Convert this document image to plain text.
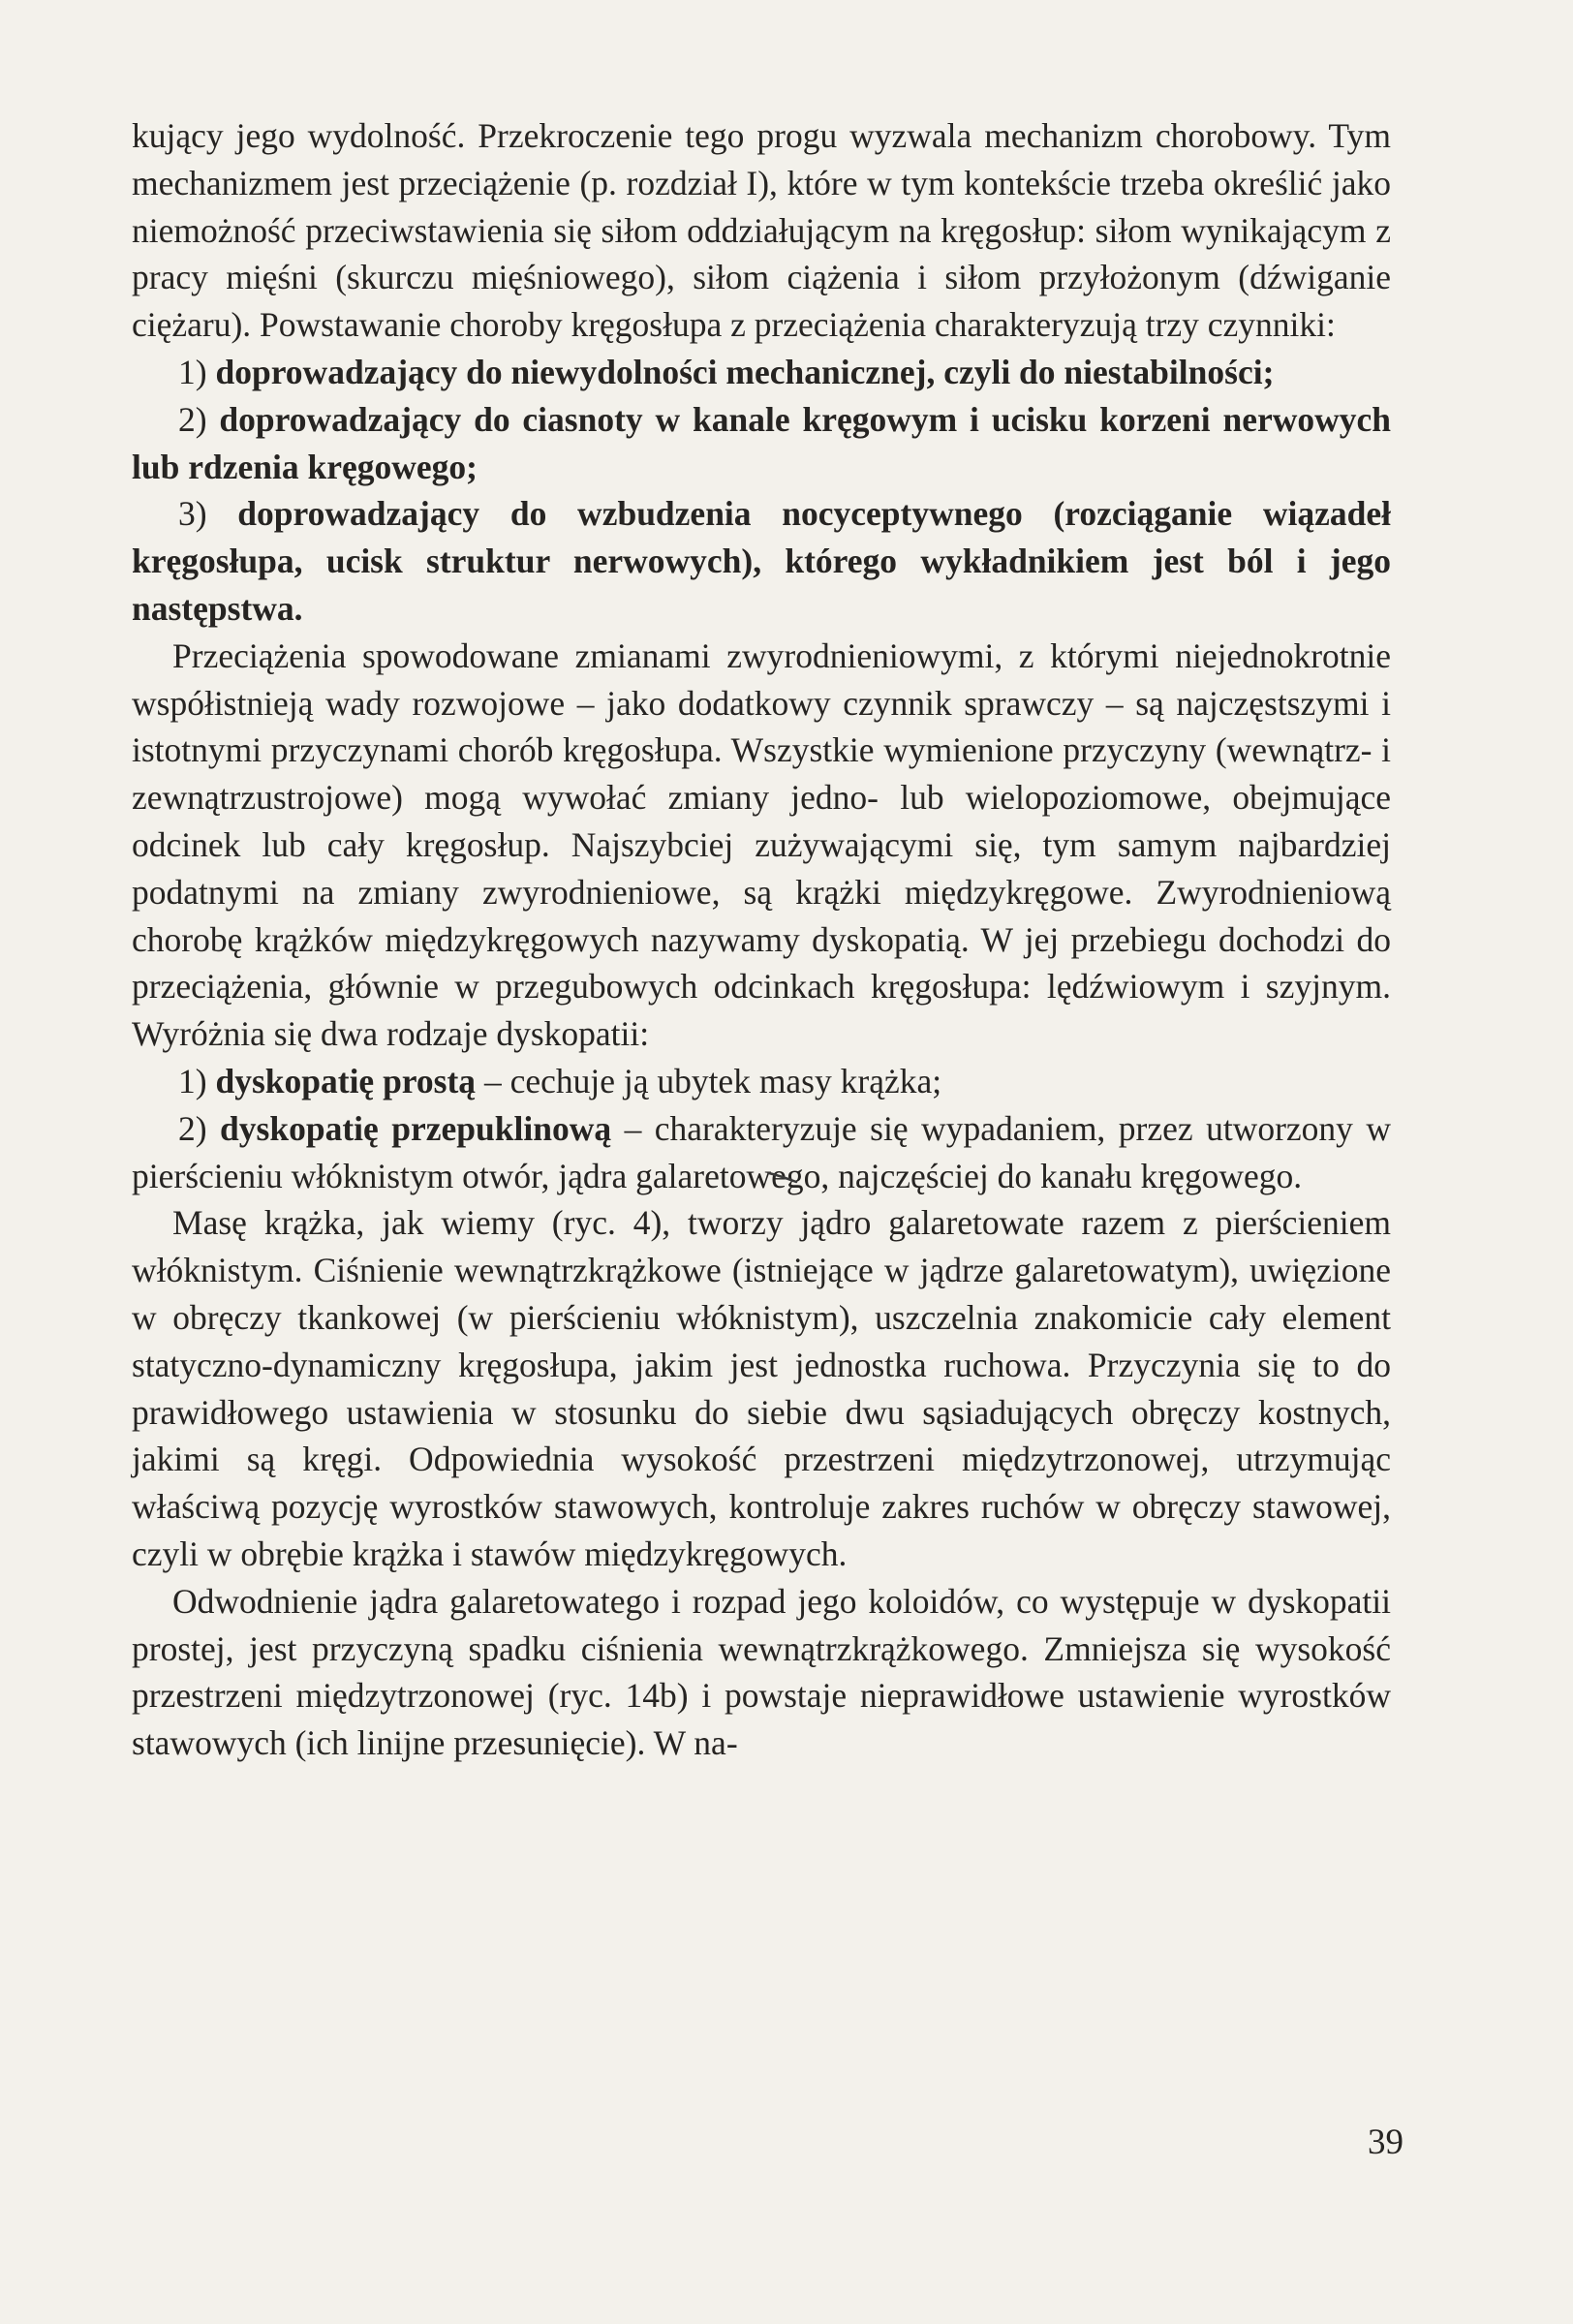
kujący jego wydolność. Przekroczenie tego progu wyzwala mechanizm chorobowy. Tym mechanizmem jest przeciążenie (p. rozdział I), które w tym kontekście trzeba określić jako niemożność przeciwstawienia się siłom oddziałującym na kręgosłup: siłom wynikającym z pracy mięśni (skurczu mięśniowego), siłom ciążenia i siłom przyłożonym (dźwiganie ciężaru). Powstawanie choroby kręgosłupa z przeciążenia charakteryzują trzy czynniki:

1) doprowadzający do niewydolności mechanicznej, czyli do niestabilności;

2) doprowadzający do ciasnoty w kanale kręgowym i ucisku korzeni nerwowych lub rdzenia kręgowego;

3) doprowadzający do wzbudzenia nocyceptywnego (rozciąganie wiązadeł kręgosłupa, ucisk struktur nerwowych), którego wykładnikiem jest ból i jego następstwa.

Przeciążenia spowodowane zmianami zwyrodnieniowymi, z którymi niejednokrotnie współistnieją wady rozwojowe – jako dodatkowy czynnik sprawczy – są najczęstszymi i istotnymi przyczynami chorób kręgosłupa. Wszystkie wymienione przyczyny (wewnątrz- i zewnątrzustrojowe) mogą wywołać zmiany jedno- lub wielopoziomowe, obejmujące odcinek lub cały kręgosłup. Najszybciej zużywającymi się, tym samym najbardziej podatnymi na zmiany zwyrodnieniowe, są krążki międzykręgowe. Zwyrodnieniową chorobę krążków międzykręgowych nazywamy dyskopatią. W jej przebiegu dochodzi do przeciążenia, głównie w przegubowych odcinkach kręgosłupa: lędźwiowym i szyjnym. Wyróżnia się dwa rodzaje dyskopatii:

1) dyskopatię prostą – cechuje ją ubytek masy krążka;

2) dyskopatię przepuklinową – charakteryzuje się wypadaniem, przez utworzony w pierścieniu włóknistym otwór, jądra galaretowego, najczęściej do kanału kręgowego.

Masę krążka, jak wiemy (ryc. 4), tworzy jądro galaretowate razem z pierścieniem włóknistym. Ciśnienie wewnątrzkrążkowe (istniejące w jądrze galaretowatym), uwięzione w obręczy tkankowej (w pierścieniu włóknistym), uszczelnia znakomicie cały element statyczno-dynamiczny kręgosłupa, jakim jest jednostka ruchowa. Przyczynia się to do prawidłowego ustawienia w stosunku do siebie dwu sąsiadujących obręczy kostnych, jakimi są kręgi. Odpowiednia wysokość przestrzeni międzytrzonowej, utrzymując właściwą pozycję wyrostków stawowych, kontroluje zakres ruchów w obręczy stawowej, czyli w obrębie krążka i stawów międzykręgowych.

Odwodnienie jądra galaretowatego i rozpad jego koloidów, co występuje w dyskopatii prostej, jest przyczyną spadku ciśnienia wewnątrzkrążkowego. Zmniejsza się wysokość przestrzeni międzytrzonowej (ryc. 14b) i powstaje nieprawidłowe ustawienie wyrostków stawowych (ich linijne przesunięcie). W na-

39
